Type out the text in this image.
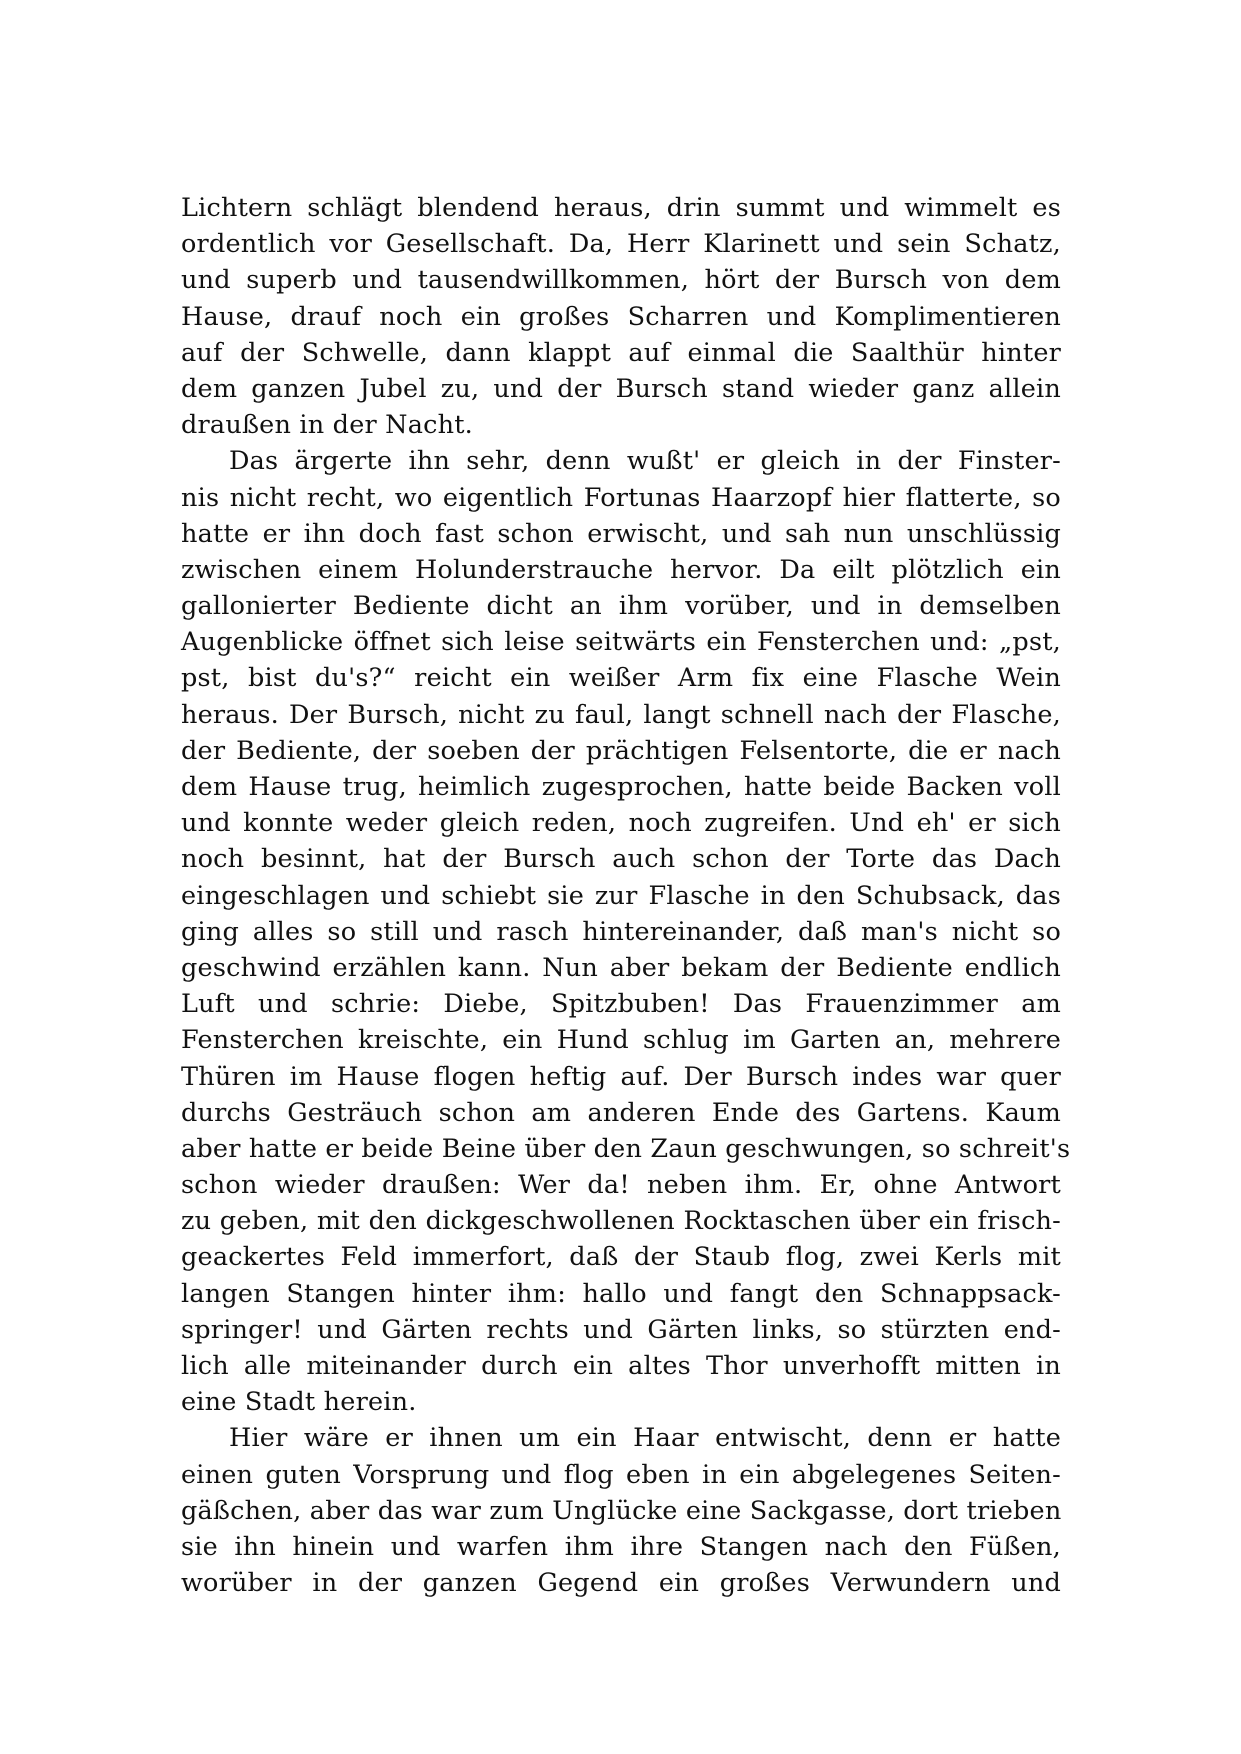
Lichtern schlägt blendend heraus, drin summt und wimmelt es
ordentlich vor Gesellschaft. Da, Herr Klarinett und sein Schatz,
und superb und tausendwillkommen, hört der Bursch von dem
Hause, drauf noch ein großes Scharren und Komplimentieren
auf der Schwelle, dann klappt auf einmal die Saalthür hinter
dem ganzen Jubel zu, und der Bursch stand wieder ganz allein
draußen in der Nacht.
Das ärgerte ihn sehr, denn wußt' er gleich in der Finster-
nis nicht recht, wo eigentlich Fortunas Haarzopf hier flatterte, so
hatte er ihn doch fast schon erwischt, und sah nun unschlüssig
zwischen einem Holunderstrauche hervor. Da eilt plötzlich ein
gallonierter Bediente dicht an ihm vorüber, und in demselben
Augenblicke öffnet sich leise seitwärts ein Fensterchen und: „pst,
pst, bist du's?“ reicht ein weißer Arm fix eine Flasche Wein
heraus. Der Bursch, nicht zu faul, langt schnell nach der Flasche,
der Bediente, der soeben der prächtigen Felsentorte, die er nach
dem Hause trug, heimlich zugesprochen, hatte beide Backen voll
und konnte weder gleich reden, noch zugreifen. Und eh' er sich
noch besinnt, hat der Bursch auch schon der Torte das Dach
eingeschlagen und schiebt sie zur Flasche in den Schubsack, das
ging alles so still und rasch hintereinander, daß man's nicht so
geschwind erzählen kann. Nun aber bekam der Bediente endlich
Luft und schrie: Diebe, Spitzbuben! Das Frauenzimmer am
Fensterchen kreischte, ein Hund schlug im Garten an, mehrere
Thüren im Hause flogen heftig auf. Der Bursch indes war quer
durchs Gesträuch schon am anderen Ende des Gartens. Kaum
aber hatte er beide Beine über den Zaun geschwungen, so schreit's
schon wieder draußen: Wer da! neben ihm. Er, ohne Antwort
zu geben, mit den dickgeschwollenen Rocktaschen über ein frisch-
geackertes Feld immerfort, daß der Staub flog, zwei Kerls mit
langen Stangen hinter ihm: hallo und fangt den Schnappsack-
springer! und Gärten rechts und Gärten links, so stürzten end-
lich alle miteinander durch ein altes Thor unverhofft mitten in
eine Stadt herein.
Hier wäre er ihnen um ein Haar entwischt, denn er hatte
einen guten Vorsprung und flog eben in ein abgelegenes Seiten-
gäßchen, aber das war zum Unglücke eine Sackgasse, dort trieben
sie ihn hinein und warfen ihm ihre Stangen nach den Füßen,
worüber in der ganzen Gegend ein großes Verwundern und
